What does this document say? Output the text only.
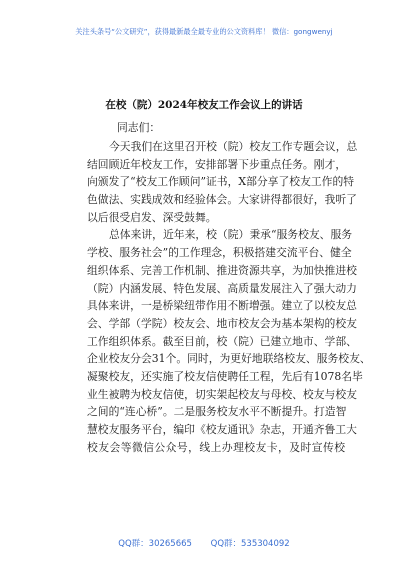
关注头条号“公文研究”，获得最新最全最专业的公文资料库！ 微信：gongwenyj
在校（院）2024年校友工作会议上的讲话
同志们：
今天我们在这里召开校（院）校友工作专题会议，总
结回顾近年校友工作，安排部署下步重点任务。刚才，
向颁发了“校友工作顾问”证书，X部分享了校友工作的特
色做法、实践成效和经验体会。大家讲得都很好，我听了
以后很受启发、深受鼓舞。
总体来讲，近年来，校（院）秉承“服务校友、服务
学校、服务社会”的工作理念，积极搭建交流平台、健全
组织体系、完善工作机制、推进资源共享，为加快推进校
（院）内涵发展、特色发展、高质量发展注入了强大动力
具体来讲，一是桥梁纽带作用不断增强。建立了以校友总
会、学部（学院）校友会、地市校友会为基本架构的校友
工作组织体系。截至目前，校（院）已建立地市、学部、
企业校友分会31个。同时，为更好地联络校友、服务校友、
凝聚校友，还实施了校友信使聘任工程，先后有1078名毕
业生被聘为校友信使，切实架起校友与母校、校友与校友
之间的“连心桥”。二是服务校友水平不断提升。打造智
慧校友服务平台，编印《校友通讯》杂志，开通齐鲁工大
校友会等微信公众号，线上办理校友卡，及时宣传校
QQ群：30265665 QQ群：535304092
